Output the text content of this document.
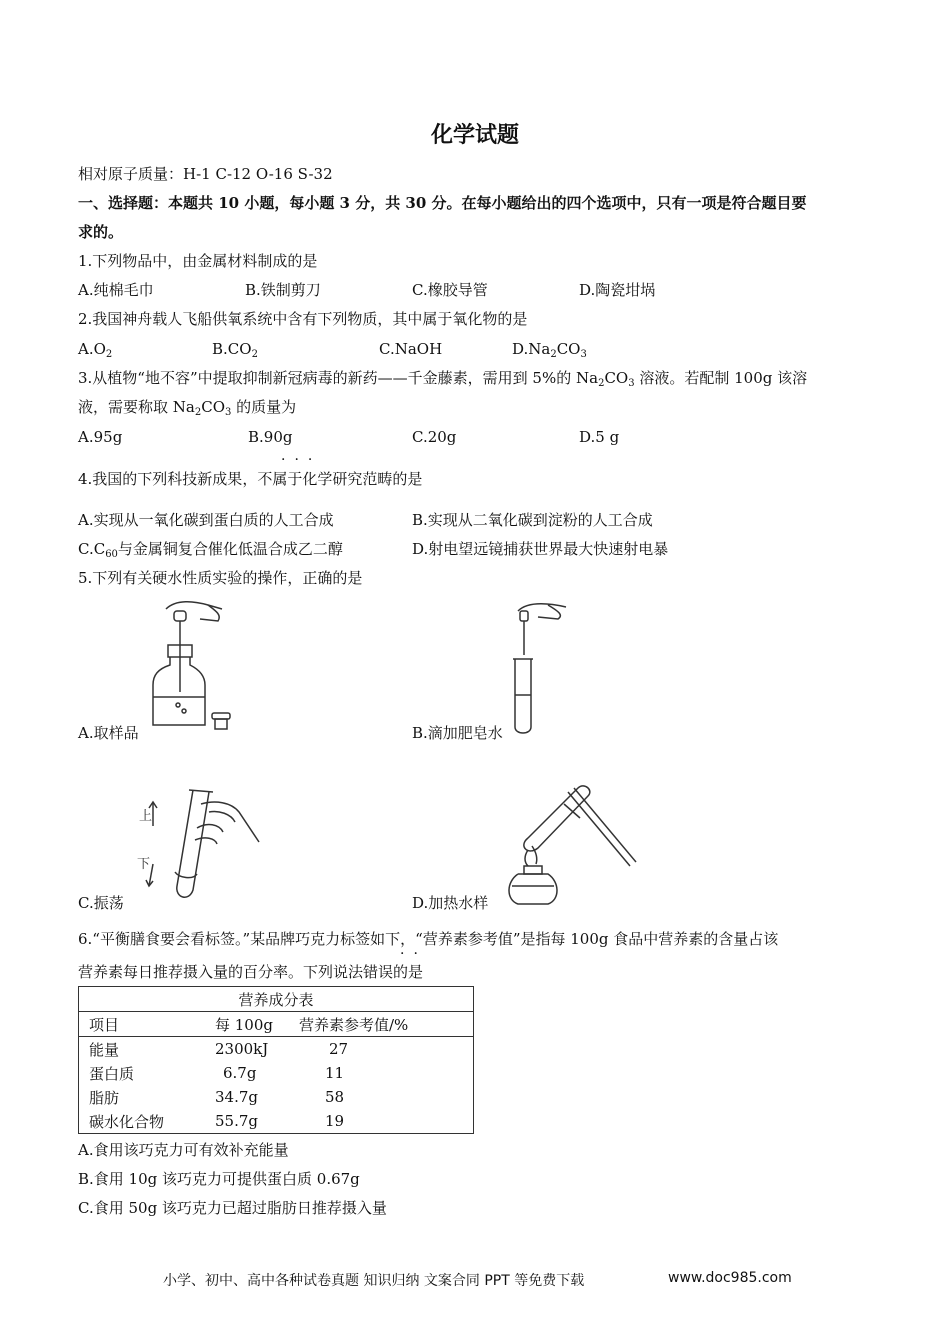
化学试题
相对原子质量：H-1 C-12 O-16 S-32
一、选择题：本题共 10 小题，每小题 3 分，共 30 分。在每小题给出的四个选项中，只有一项是符合题目要
求的。
1.下列物品中，由金属材料制成的是
A.纯棉毛巾	B.铁制剪刀	C.橡胶导管	D.陶瓷坩埚
2.我国神舟载人飞船供氧系统中含有下列物质，其中属于氧化物的是
$A.O_2$	$B.CO_2$	C.NaOH	$D.Na_2CO_3$
3.从植物“地不容”中提取抑制新冠病毒的新药——千金藤素，需用到 5%的 $Na_2CO_3$ 溶液。若配制 100g 该溶
液，需要称取 $Na_2CO_3$ 的质量为
A.95g	B.90g	C.20g	D.5 g
···
4.我国的下列科技新成果，不属于化学研究范畴的是
A.实现从一氧化碳到蛋白质的人工合成	B.实现从二氧化碳到淀粉的人工合成
$C.C_{60}$与金属铜复合催化低温合成乙二醇	D.射电望远镜捕获世界最大快速射电暴
5.下列有关硬水性质实验的操作，正确的是
A.取样品	B.滴加肥皂水
上
下
C.振荡	D.加热水样
6.“平衡膳食要会看标签。”某品牌巧克力标签如下，“营养素参考值”是指每 100g 食品中营养素的含量占该
··
营养素每日推荐摄入量的百分率。下列说法错误的是
营养成分表		
项目	每 100g	营养素参考值/%
能量	2300kJ	27
蛋白质	6.7g	11
脂肪	34.7g	58
碳水化合物	55.7g	19
A.食用该巧克力可有效补充能量
B.食用 10g 该巧克力可提供蛋白质 0.67g
C.食用 50g 该巧克力已超过脂肪日推荐摄入量
小学、初中、高中各种试卷真题 知识归纳 文案合同 PPT 等免费下载	www.doc985.com
